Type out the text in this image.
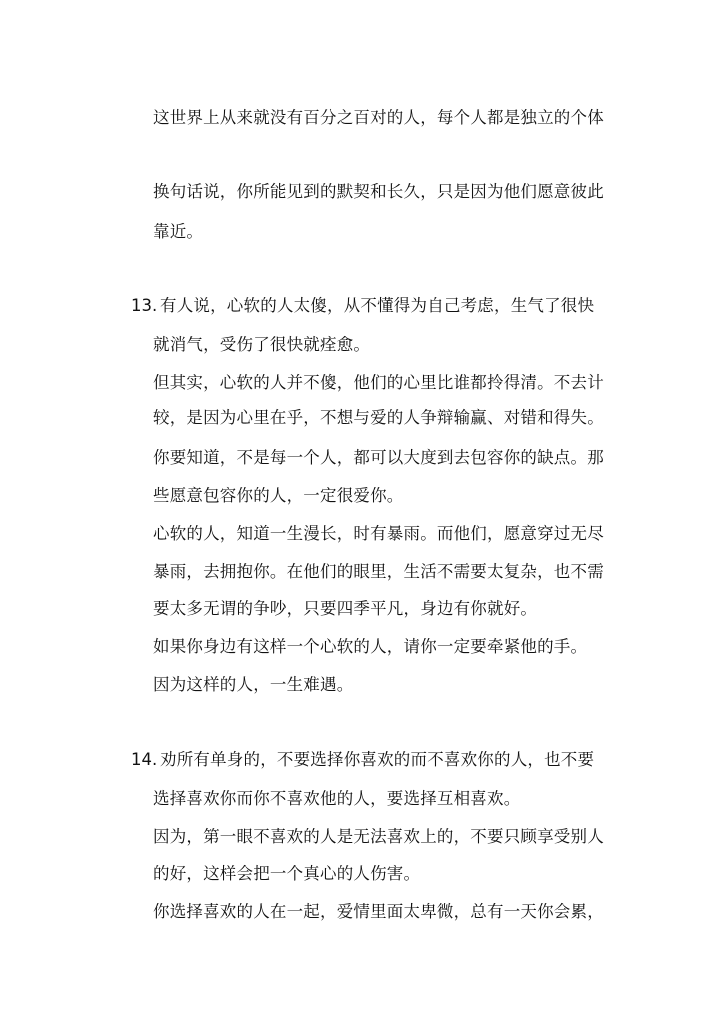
这世界上从来就没有百分之百对的人，每个人都是独立的个体
换句话说，你所能见到的默契和长久，只是因为他们愿意彼此
靠近。
13. 有人说，心软的人太傻，从不懂得为自己考虑，生气了很快
就消气，受伤了很快就痊愈。
但其实，心软的人并不傻，他们的心里比谁都拎得清。不去计
较，是因为心里在乎，不想与爱的人争辩输赢、对错和得失。
你要知道，不是每一个人，都可以大度到去包容你的缺点。那
些愿意包容你的人，一定很爱你。
心软的人，知道一生漫长，时有暴雨。而他们，愿意穿过无尽
暴雨，去拥抱你。在他们的眼里，生活不需要太复杂，也不需
要太多无谓的争吵，只要四季平凡，身边有你就好。
如果你身边有这样一个心软的人，请你一定要牵紧他的手。
因为这样的人，一生难遇。
14. 劝所有单身的，不要选择你喜欢的而不喜欢你的人，也不要
选择喜欢你而你不喜欢他的人，要选择互相喜欢。
因为，第一眼不喜欢的人是无法喜欢上的，不要只顾享受别人
的好，这样会把一个真心的人伤害。
你选择喜欢的人在一起，爱情里面太卑微，总有一天你会累，
